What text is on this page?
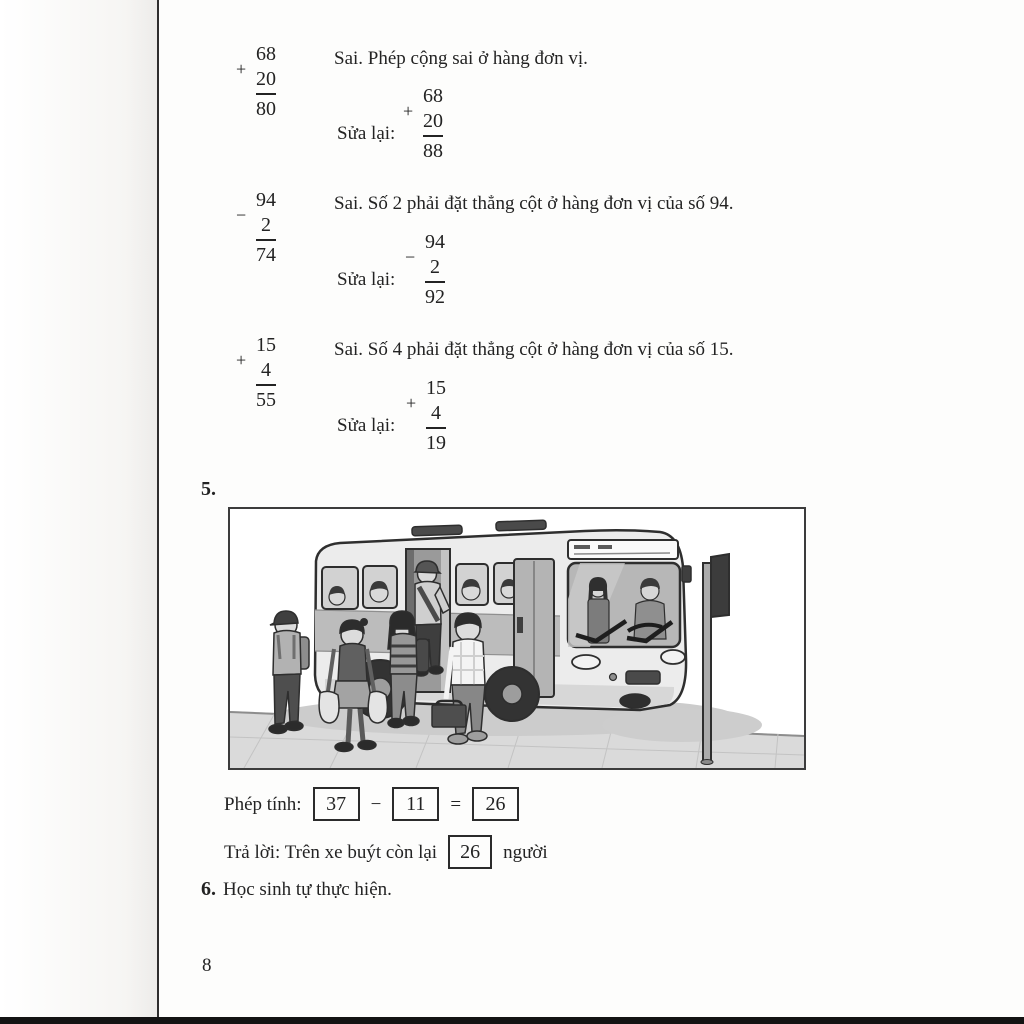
+
68
20
80
Sai. Phép cộng sai ở hàng đơn vị.
Sửa lại:
+
68
20
88
−
94
2
74
Sai. Số 2 phải đặt thẳng cột ở hàng đơn vị của số 94.
Sửa lại:
−
94
2
92
+
15
4
55
Sai. Số 4 phải đặt thẳng cột ở hàng đơn vị của số 15.
Sửa lại:
+
15
4
19
5.
Phép tính:	37	−	11	=	26
Trả lời: Trên xe buýt còn lại	26	người
6. Học sinh tự thực hiện.
8
